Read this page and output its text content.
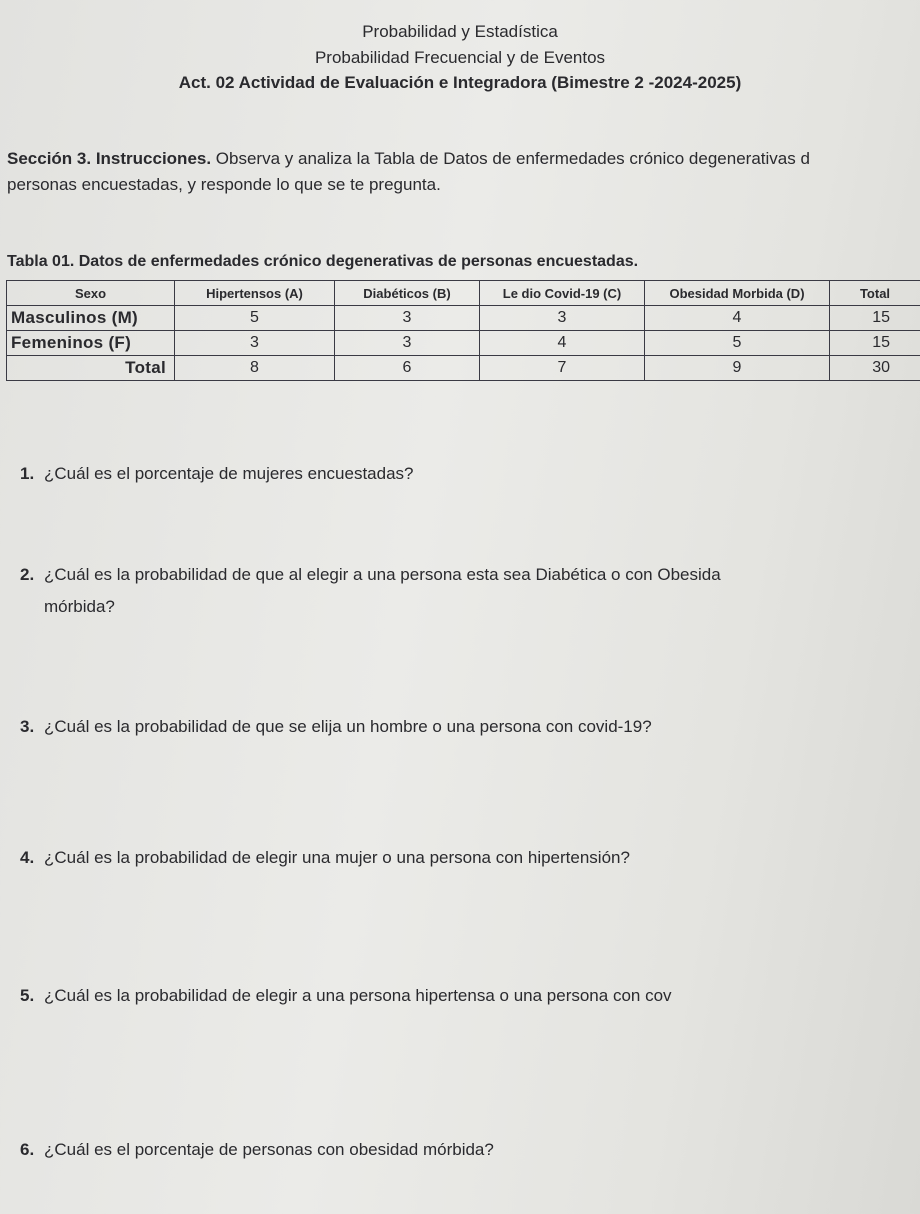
Probabilidad y Estadística
Probabilidad Frecuencial y de Eventos
Act. 02 Actividad de Evaluación e Integradora (Bimestre 2 -2024-2025)
Sección 3. Instrucciones. Observa y analiza la Tabla de Datos de enfermedades crónico degenerativas d
personas encuestadas, y responde lo que se te pregunta.
Tabla 01. Datos de enfermedades crónico degenerativas de personas encuestadas.
Sexo	Hipertensos (A)	Diabéticos (B)	Le dio Covid-19 (C)	Obesidad Morbida (D)	Total
Masculinos (M)	5	3	3	4	15
Femeninos (F)	3	3	4	5	15
Total	8	6	7	9	30
1. ¿Cuál es el porcentaje de mujeres encuestadas?
2. ¿Cuál es la probabilidad de que al elegir a una persona esta sea Diabética o con Obesida
mórbida?
3. ¿Cuál es la probabilidad de que se elija un hombre o una persona con covid-19?
4. ¿Cuál es la probabilidad de elegir una mujer o una persona con hipertensión?
5. ¿Cuál es la probabilidad de elegir a una persona hipertensa o una persona con cov
6. ¿Cuál es el porcentaje de personas con obesidad mórbida?
